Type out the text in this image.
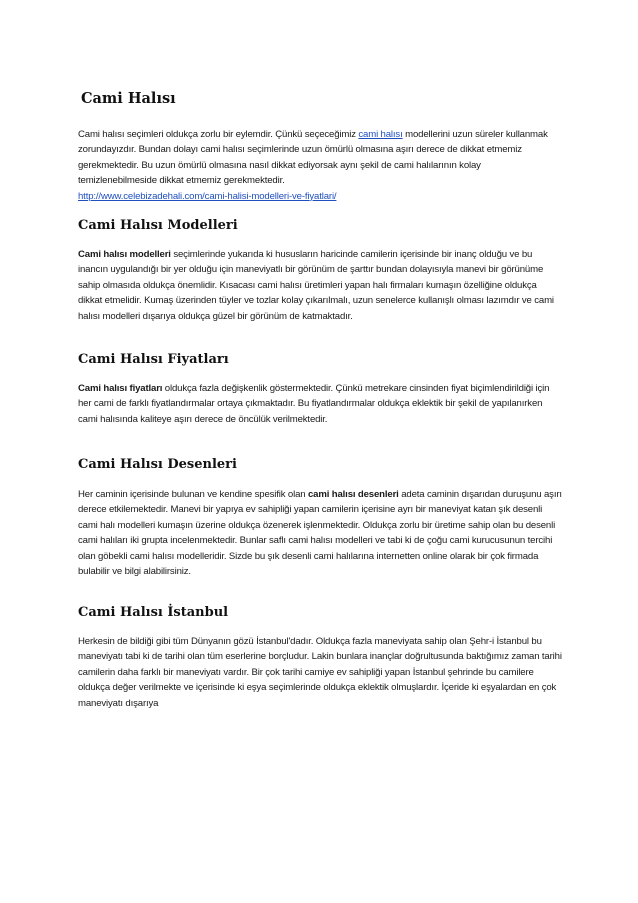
Cami Halısı

Cami halısı seçimleri oldukça zorlu bir eylemdir. Çünkü seçeceğimiz cami halısı modellerini uzun süreler kullanmak zorundayızdır. Bundan dolayı cami halısı seçimlerinde uzun ömürlü olmasına aşırı derece de dikkat etmemiz gerekmektedir. Bu uzun ömürlü olmasına nasıl dikkat ediyorsak aynı şekil de cami halılarının kolay temizlenebilmeside dikkat etmemiz gerekmektedir.

http://www.celebizadehali.com/cami-halisi-modelleri-ve-fiyatlari/

Cami Halısı Modelleri

Cami halısı modelleri seçimlerinde yukarıda ki hususların haricinde camilerin içerisinde bir inanç olduğu ve bu inancın uygulandığı bir yer olduğu için maneviyatlı bir görünüm de şarttır bundan dolayısıyla manevi bir görünüme sahip olmasıda oldukça önemlidir. Kısacası cami halısı üretimleri yapan halı firmaları kumaşın özelliğine oldukça dikkat etmelidir. Kumaş üzerinden tüyler ve tozlar kolay çıkarılmalı, uzun senelerce kullanışlı olması lazımdır ve cami halısı modelleri dışarıya oldukça güzel bir görünüm de katmaktadır.

Cami Halısı Fiyatları

Cami halısı fiyatları oldukça fazla değişkenlik göstermektedir. Çünkü metrekare cinsinden fiyat biçimlendirildiği için her cami de farklı fiyatlandırmalar ortaya çıkmaktadır. Bu fiyatlandırmalar oldukça eklektik bir şekil de yapılanırken cami halısında kaliteye aşırı derece de öncülük verilmektedir.

Cami Halısı Desenleri

Her caminin içerisinde bulunan ve kendine spesifik olan cami halısı desenleri adeta caminin dışarıdan duruşunu aşırı derece etkilemektedir. Manevi bir yapıya ev sahipliği yapan camilerin içerisine ayrı bir maneviyat katan şık desenli cami halı modelleri kumaşın üzerine oldukça özenerek işlenmektedir. Oldukça zorlu bir üretime sahip olan bu desenli cami halıları iki grupta incelenmektedir. Bunlar saflı cami halısı modelleri ve tabi ki de çoğu cami kurucusunun tercihi olan göbekli cami halısı modelleridir. Sizde bu şık desenli cami halılarına internetten online olarak bir çok firmada bulabilir ve bilgi alabilirsiniz.

Cami Halısı İstanbul

Herkesin de bildiği gibi tüm Dünyanın gözü İstanbul'dadır. Oldukça fazla maneviyata sahip olan Şehr-i İstanbul bu maneviyatı tabi ki de tarihi olan tüm eserlerine borçludur. Lakin bunlara inançlar doğrultusunda baktığımız zaman tarihi camilerin daha farklı bir maneviyatı vardır. Bir çok tarihi camiye ev sahipliği yapan İstanbul şehrinde bu camilere oldukça değer verilmekte ve içerisinde ki eşya seçimlerinde oldukça eklektik olmuşlardır. İçeride ki eşyalardan en çok maneviyatı dışarıya
